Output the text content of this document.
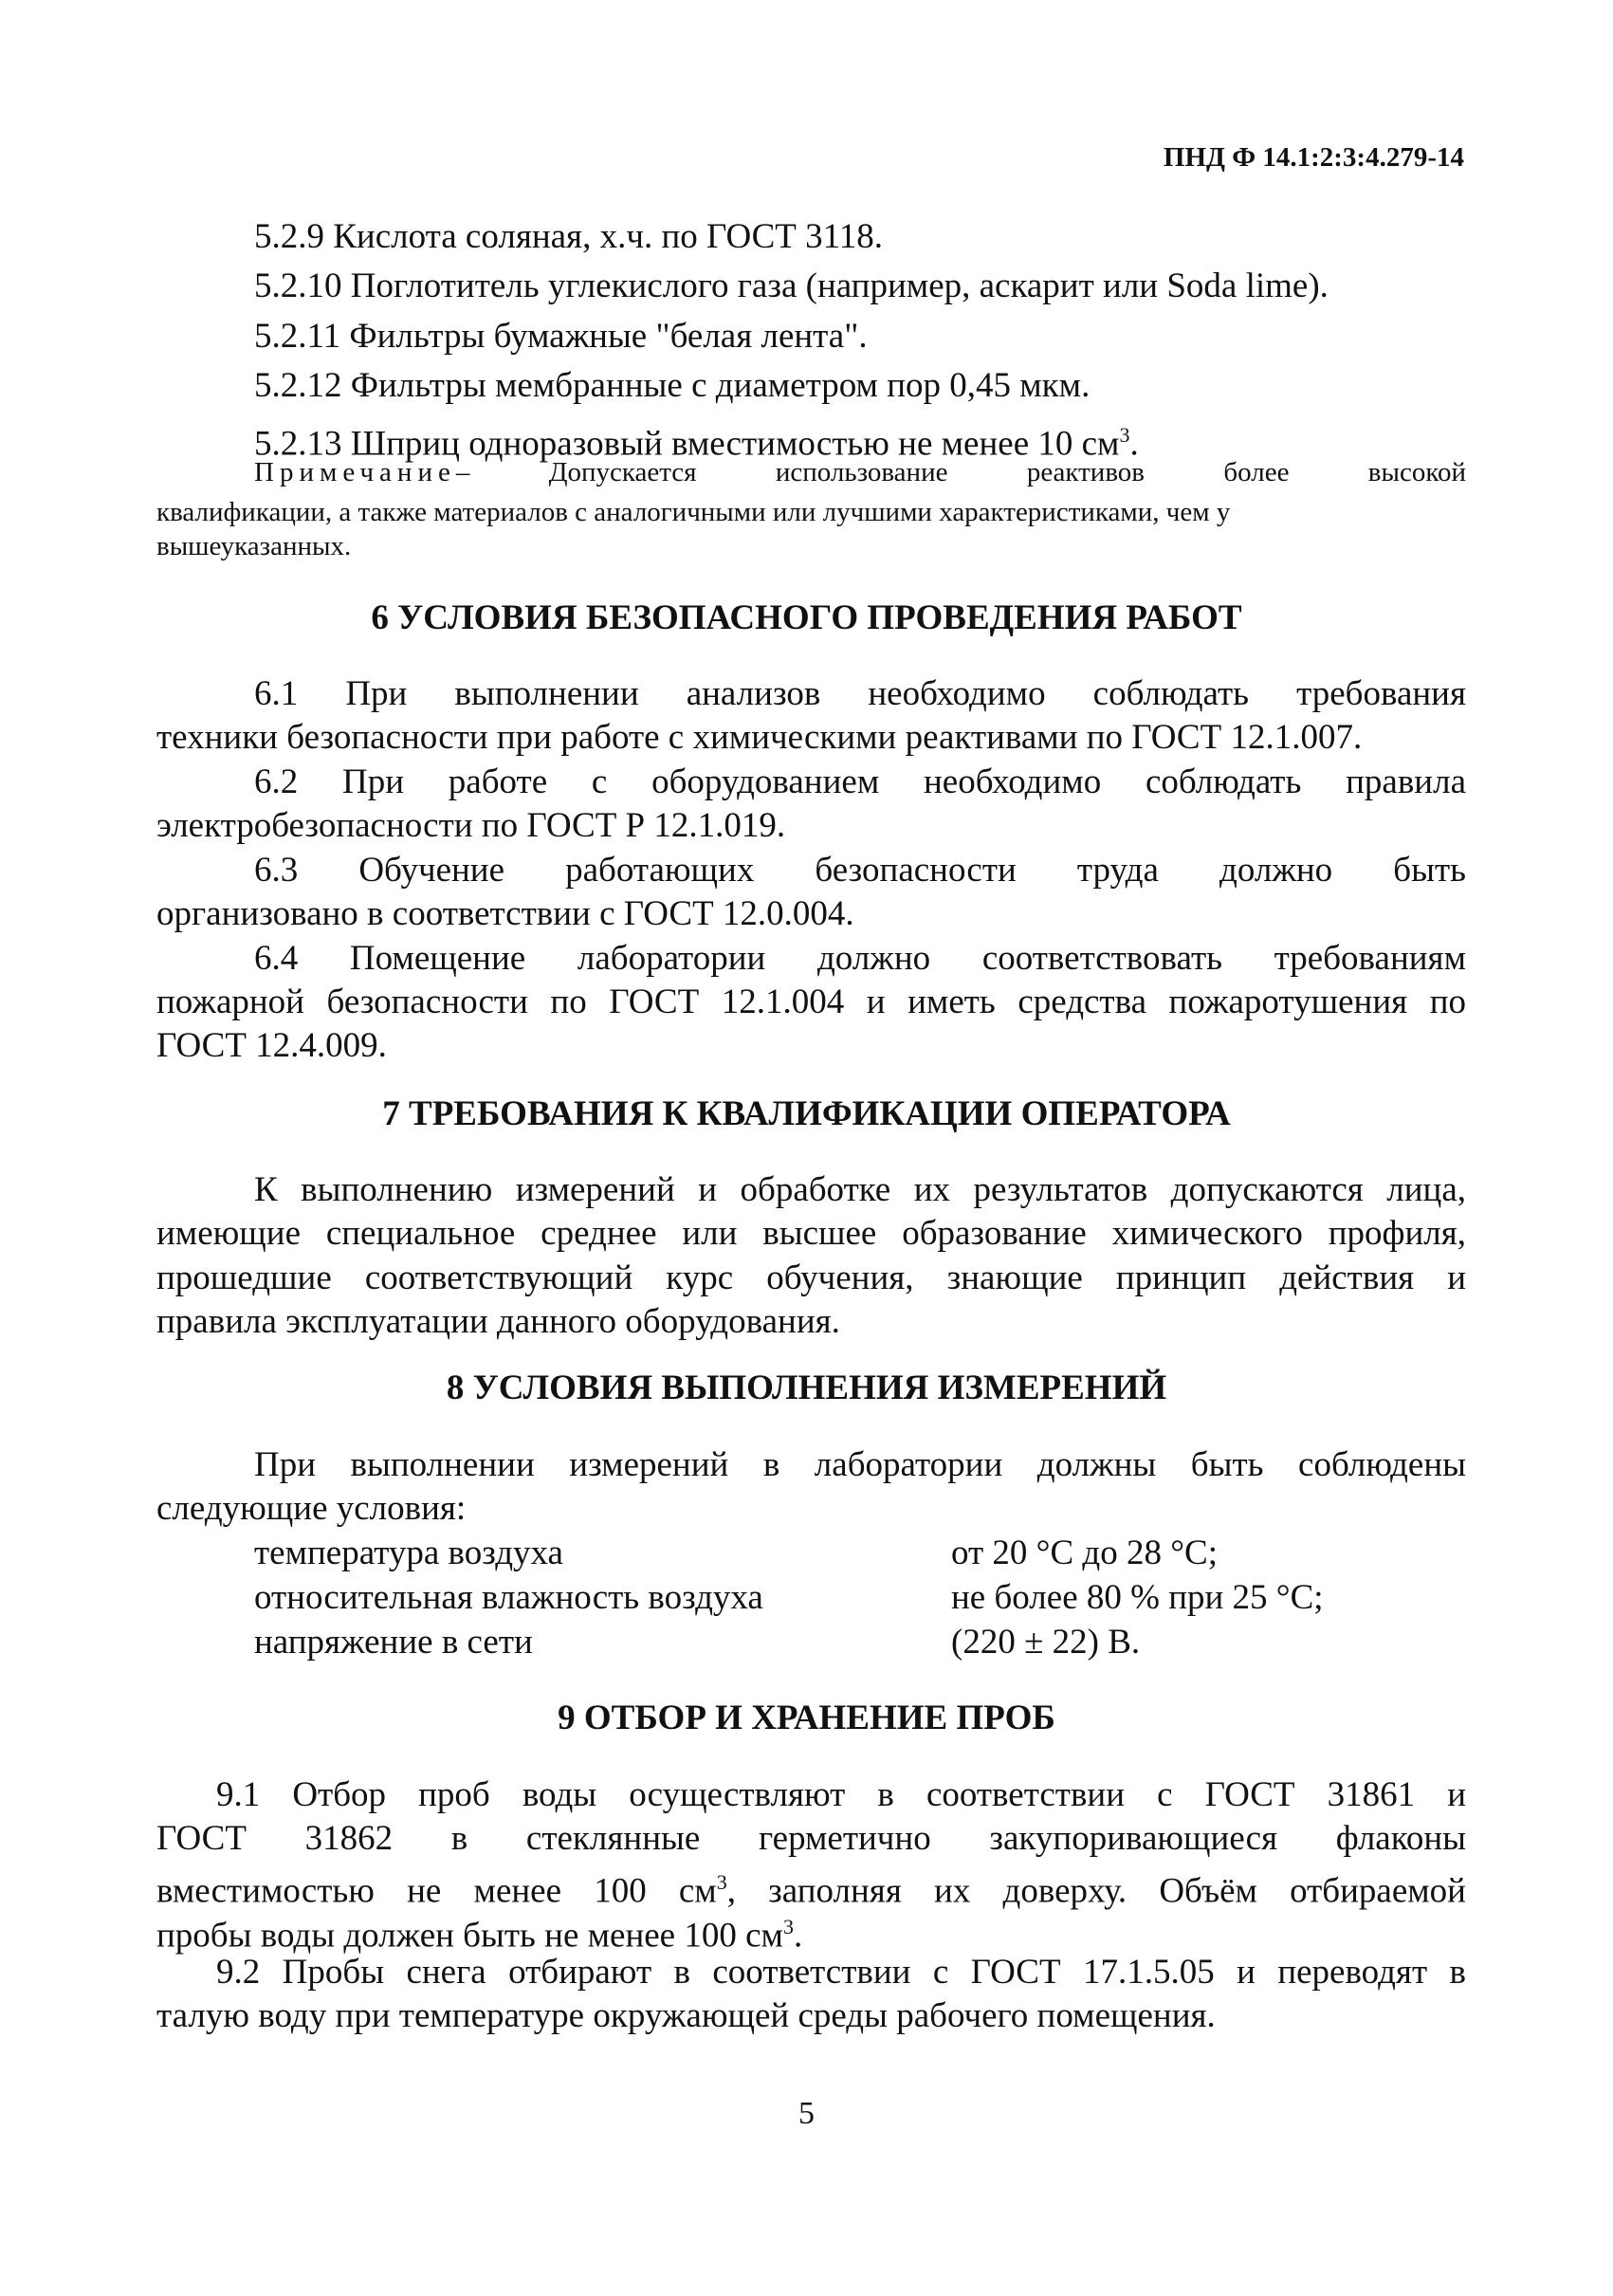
ПНД Ф 14.1:2:3:4.279-14
5.2.9 Кислота соляная, х.ч. по ГОСТ 3118.
5.2.10 Поглотитель углекислого газа (например, аскарит или Soda lime).
5.2.11 Фильтры бумажные "белая лента".
5.2.12 Фильтры мембранные с диаметром пор 0,45 мкм.
5.2.13 Шприц одноразовый вместимостью не менее 10 $см^3$.
Примечание– Допускается использование реактивов более высокой
квалификации, а также материалов с аналогичными или лучшими характеристиками, чем у
вышеуказанных.
6 УСЛОВИЯ БЕЗОПАСНОГО ПРОВЕДЕНИЯ РАБОТ
6.1 При выполнении анализов необходимо соблюдать требования
техники безопасности при работе с химическими реактивами по ГОСТ 12.1.007.
6.2 При работе с оборудованием необходимо соблюдать правила
электробезопасности по ГОСТ Р 12.1.019.
6.3 Обучение работающих безопасности труда должно быть
организовано в соответствии с ГОСТ 12.0.004.
6.4 Помещение лаборатории должно соответствовать требованиям
пожарной безопасности по ГОСТ 12.1.004 и иметь средства пожаротушения по
ГОСТ 12.4.009.
7 ТРЕБОВАНИЯ К КВАЛИФИКАЦИИ ОПЕРАТОРА
К выполнению измерений и обработке их результатов допускаются лица,
имеющие специальное среднее или высшее образование химического профиля,
прошедшие соответствующий курс обучения, знающие принцип действия и
правила эксплуатации данного оборудования.
8 УСЛОВИЯ ВЫПОЛНЕНИЯ ИЗМЕРЕНИЙ
При выполнении измерений в лаборатории должны быть соблюдены
следующие условия:
температура воздуха	от 20 °С до 28 °С;
относительная влажность воздуха	не более 80 % при 25 °С;
напряжение в сети	(220 ± 22) В.
9 ОТБОР И ХРАНЕНИЕ ПРОБ
9.1 Отбор проб воды осуществляют в соответствии с ГОСТ 31861 и
ГОСТ 31862 в стеклянные герметично закупоривающиеся флаконы
вместимостью не менее 100 $см^3$, заполняя их доверху. Объём отбираемой
пробы воды должен быть не менее 100 $см^3$.
9.2 Пробы снега отбирают в соответствии с ГОСТ 17.1.5.05 и переводят в
талую воду при температуре окружающей среды рабочего помещения.
5
